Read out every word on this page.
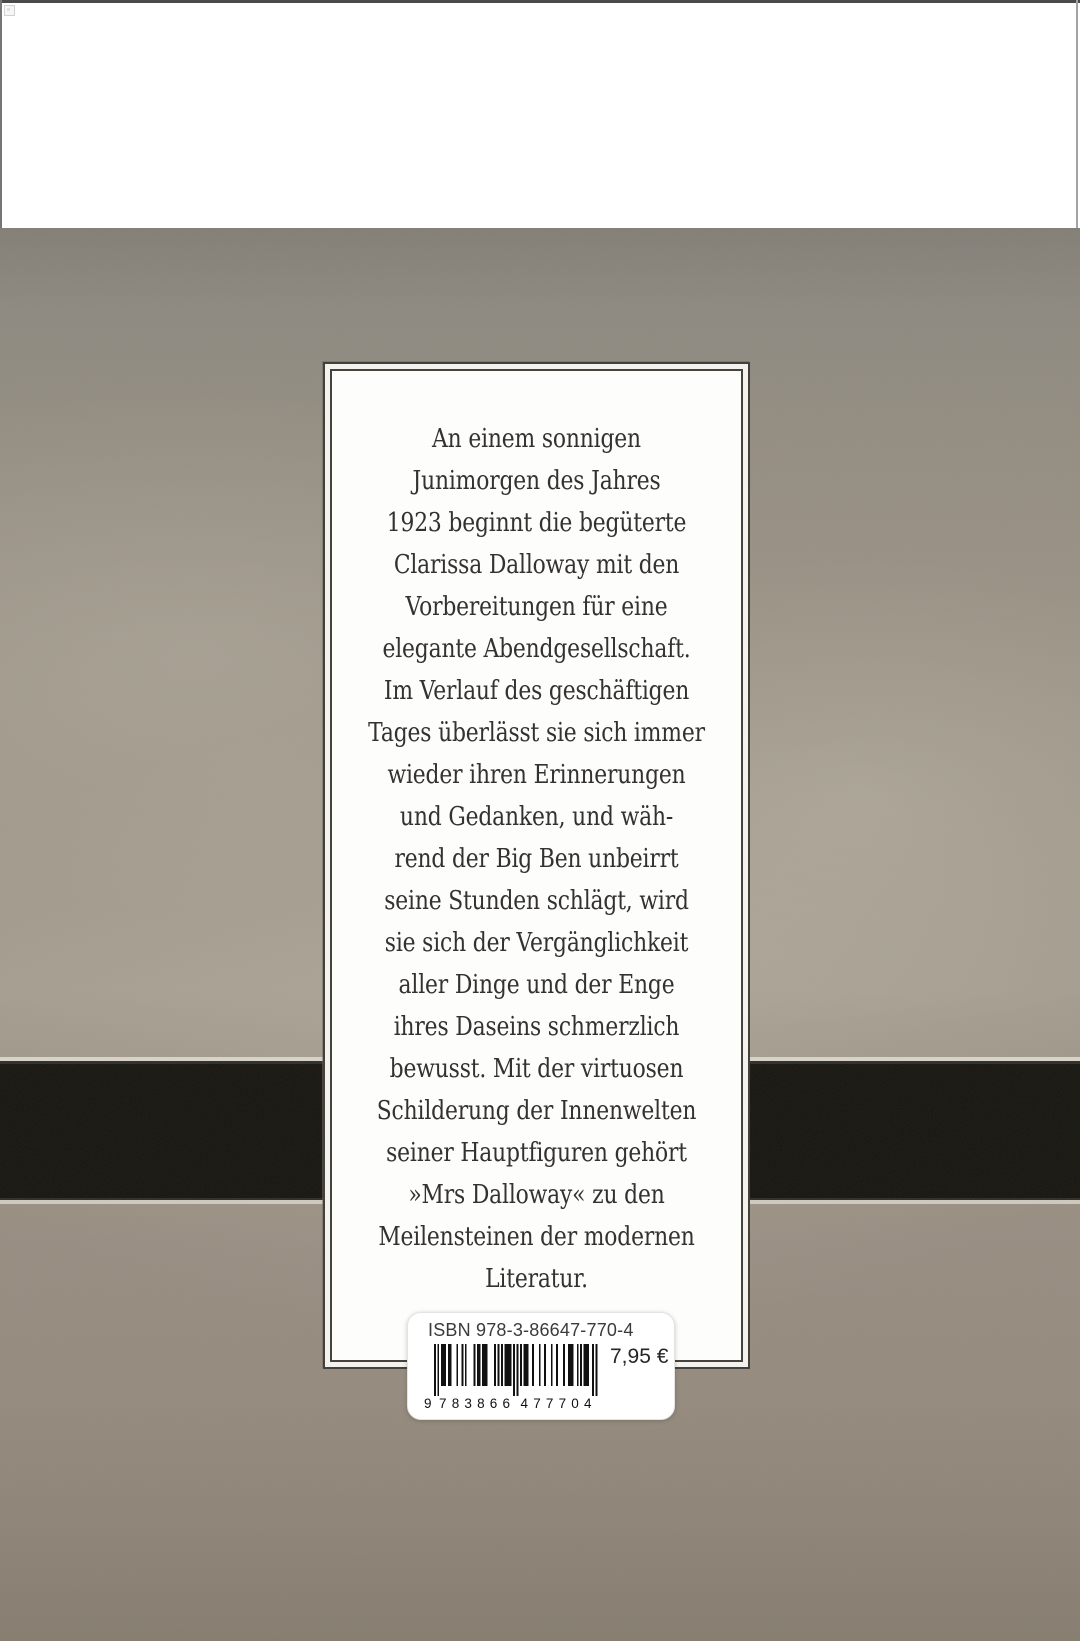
An einem sonnigen
Junimorgen des Jahres
1923 beginnt die begüterte
Clarissa Dalloway mit den
Vorbereitungen für eine
elegante Abendgesellschaft.
Im Verlauf des geschäftigen
Tages überlässt sie sich immer
wieder ihren Erinnerungen
und Gedanken, und wäh-
rend der Big Ben unbeirrt
seine Stunden schlägt, wird
sie sich der Vergänglichkeit
aller Dinge und der Enge
ihres Daseins schmerzlich
bewusst. Mit der virtuosen
Schilderung der Innenwelten
seiner Hauptfiguren gehört
»Mrs Dalloway« zu den
Meilensteinen der modernen
Literatur.
ISBN 978-3-86647-770-4
9 783866 477704
7,95 €
